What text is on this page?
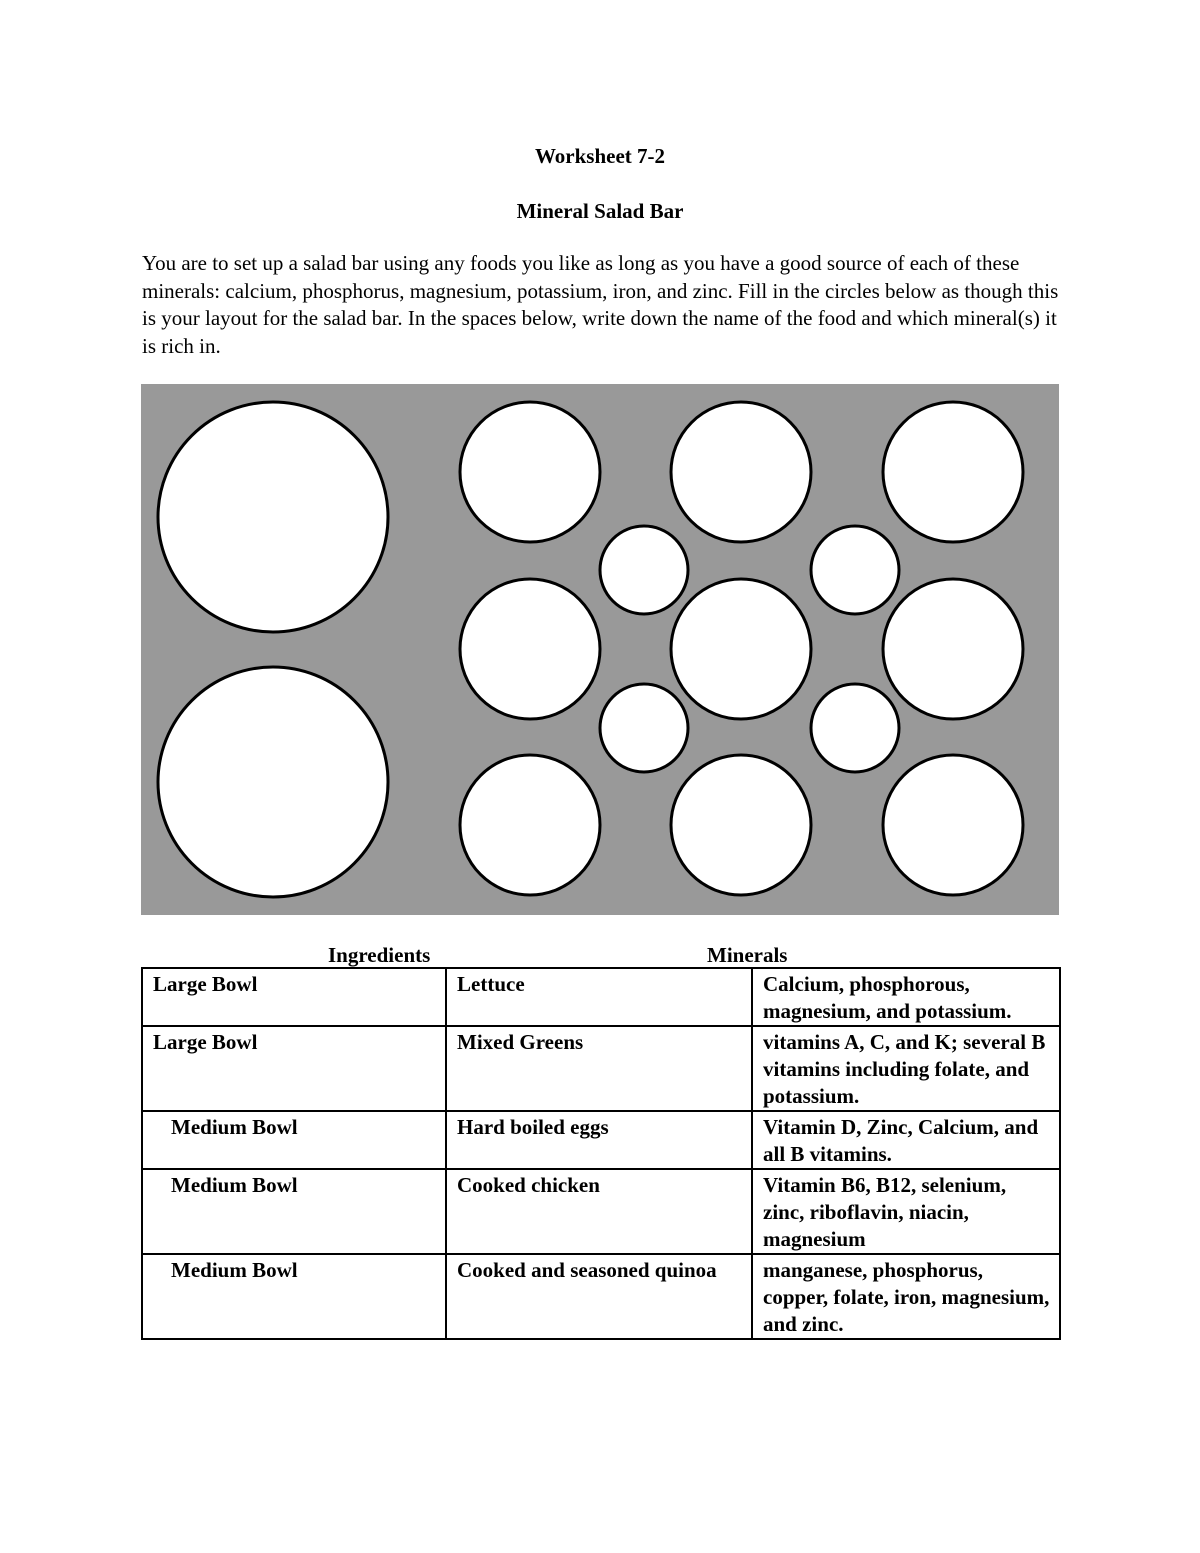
Worksheet 7-2
Mineral Salad Bar
You are to set up a salad bar using any foods you like as long as you have a good source of each of these minerals: calcium, phosphorus, magnesium, potassium, iron, and zinc. Fill in the circles below as though this is your layout for the salad bar. In the spaces below, write down the name of the food and which mineral(s) it is rich in.
Ingredients	Minerals
Large Bowl	Lettuce	Calcium, phosphorous, magnesium, and potassium.
Large Bowl	Mixed Greens	vitamins A, C, and K; several B vitamins including folate, and potassium.
Medium Bowl	Hard boiled eggs	Vitamin D, Zinc, Calcium, and all B vitamins.
Medium Bowl	Cooked chicken	Vitamin B6, B12, selenium, zinc, riboflavin, niacin, magnesium
Medium Bowl	Cooked and seasoned quinoa	manganese, phosphorus, copper, folate, iron, magnesium, and zinc.
